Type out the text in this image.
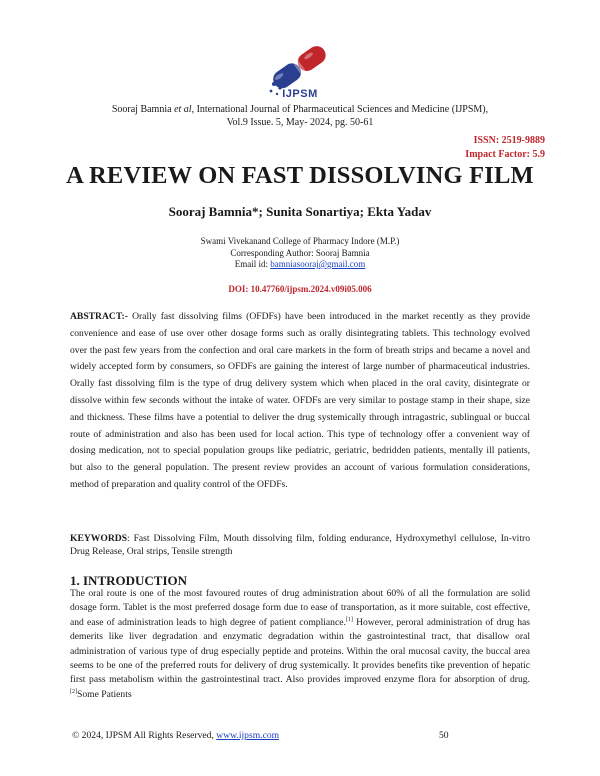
IJPSM
Sooraj Bamnia et al, International Journal of Pharmaceutical Sciences and Medicine (IJPSM),
Vol.9 Issue. 5, May- 2024, pg. 50-61
ISSN: 2519-9889
Impact Factor: 5.9
A REVIEW ON FAST DISSOLVING FILM
Sooraj Bamnia*; Sunita Sonartiya; Ekta Yadav
Swami Vivekanand College of Pharmacy Indore (M.P.)
Corresponding Author: Sooraj Bamnia
Email id: bamniasooraj@gmail.com
DOI: 10.47760/ijpsm.2024.v09i05.006

ABSTRACT:- Orally fast dissolving films (OFDFs) have been introduced in the market recently as they provide convenience and ease of use over other dosage forms such as orally disintegrating tablets. This technology evolved over the past few years from the confection and oral care markets in the form of breath strips and became a novel and widely accepted form by consumers, so OFDFs are gaining the interest of large number of pharmaceutical industries. Orally fast dissolving film is the type of drug delivery system which when placed in the oral cavity, disintegrate or dissolve within few seconds without the intake of water. OFDFs are very similar to postage stamp in their shape, size and thickness. These films have a potential to deliver the drug systemically through intragastric, sublingual or buccal route of administration and also has been used for local action. This type of technology offer a convenient way of dosing medication, not to special population groups like pediatric, geriatric, bedridden patients, mentally ill patients, but also to the general population. The present review provides an account of various formulation considerations, method of preparation and quality control of the OFDFs.

KEYWORDS: Fast Dissolving Film, Mouth dissolving film, folding endurance, Hydroxymethyl cellulose, In-vitro Drug Release, Oral strips, Tensile strength

1. INTRODUCTION

The oral route is one of the most favoured routes of drug administration about 60% of all the formulation are solid dosage form. Tablet is the most preferred dosage form due to ease of transportation, as it more suitable, cost effective, and ease of administration leads to high degree of patient compliance.[1] However, peroral administration of drug has demerits like liver degradation and enzymatic degradation within the gastrointestinal tract, that disallow oral administration of various type of drug especially peptide and proteins. Within the oral mucosal cavity, the buccal area seems to be one of the preferred routs for delivery of drug systemically. It provides benefits tike prevention of hepatic first pass metabolism within the gastrointestinal tract. Also provides improved enzyme flora for absorption of drug. [2]Some Patients

© 2024, IJPSM All Rights Reserved, www.ijpsm.com	50
